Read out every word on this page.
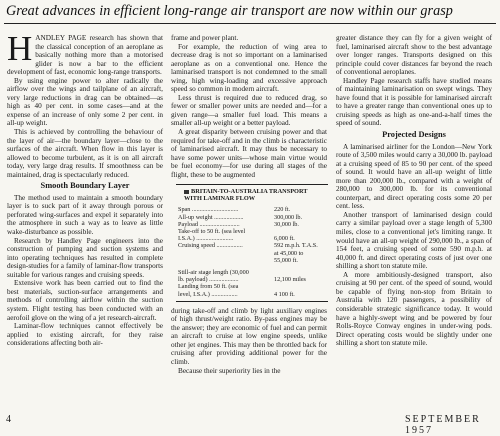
Great advances in efficient long-range air transport are now within our grasp

HANDLEY PAGE research has shown that the classical conception of an aeroplane as basically nothing more than a motorised glider is now a bar to the efficient development of fast, economic long-range transports.

By using engine power to alter radically the airflow over the wings and tailplane of an aircraft, very large reductions in drag can be obtained—as high as 40 per cent. in some cases—and at the expense of an increase of only some 2 per cent. in all-up weight.

This is achieved by controlling the behaviour of the layer of air—the boundary layer—close to the surfaces of the aircraft. When flow in this layer is allowed to become turbulent, as it is on all aircraft today, very large drag results. If smoothness can be maintained, drag is spectacularly reduced.

Smooth Boundary Layer

The method used to maintain a smooth boundary layer is to suck part of it away through porous or perforated wing-surfaces and expel it separately into the atmosphere in such a way as to leave as little wake-disturbance as possible.

Research by Handley Page engineers into the construction of pumping and suction systems and into operating techniques has resulted in complete design-studies for a family of laminar-flow transports suitable for various ranges and cruising speeds.

Extensive work has been carried out to find the best materials, suction-surface arrangements and methods of controlling airflow within the suction system. Flight testing has been conducted with an aerofoil glove on the wing of a jet research-aircraft.

Laminar-flow techniques cannot effectively be applied to existing aircraft, for they raise considerations affecting both air-

frame and power plant.

For example, the reduction of wing area to decrease drag is not so important on a laminarised aeroplane as on a conventional one. Hence the laminarised transport is not condemned to the small wing, high wing-loading and excessive approach speed so common in modern aircraft.

Less thrust is required due to reduced drag, so fewer or smaller power units are needed and—for a given range—a smaller fuel load. This means a smaller all-up weight or a better payload.

A great disparity between cruising power and that required for take-off and in the climb is characteristic of laminarised aircraft. It may thus be necessary to have some power units—whose main virtue would be fuel economy—for use during all stages of the flight, these to be augmented

BRITAIN-TO-AUSTRALIA TRANSPORT
WITH LAMINAR FLOW
Span ..............................	220 ft.
All-up weight ...................	300,000 lb.
Payload ..........................	30,000 lb.
Take-off to 50 ft. (sea level
I.S.A.) ........................	6,000 ft.
Cruising speed .................	592 m.p.h. T.A.S.
at 45,000 to
55,000 ft.
Still-air stage length (30,000
lb. payload) ...................	12,100 miles
Landing from 50 ft. (sea
level, I.S.A.) .................	4 100 ft.

during take-off and climb by light auxiliary engines of high thrust/weight ratio. By-pass engines may be the answer; they are economic of fuel and can permit an aircraft to cruise at low engine speeds, unlike other jet engines. This may then be throttled back for cruising after providing additional power for the climb.

Because their superiority lies in the

greater distance they can fly for a given weight of fuel, laminarised aircraft show to the best advantage over longer ranges. Transports designed on this principle could cover distances far beyond the reach of conventional aeroplanes.

Handley Page research staffs have studied means of maintaining laminarisation on swept wings. They have found that it is possible for laminarised aircraft to have a greater range than conventional ones up to cruising speeds as high as one-and-a-half times the speed of sound.

Projected Designs

A laminarised airliner for the London—New York route of 3,500 miles would carry a 30,000 lb. payload at a cruising speed of 85 to 90 per cent. of the speed of sound. It would have an all-up weight of little more than 200,000 lb., compared with a weight of 280,000 to 300,000 lb. for its conventional counterpart, and direct operating costs some 20 per cent. less.

Another transport of laminarised design could carry a similar payload over a stage length of 5,300 miles, close to a conventional jet's limiting range. It would have an all-up weight of 290,000 lb., a span of 154 feet, a cruising speed of some 590 m.p.h. at 40,000 ft. and direct operating costs of just over one shilling a short ton statute mile.

A more ambitiously-designed transport, also cruising at 90 per cent. of the speed of sound, would be capable of flying non-stop from Britain to Australia with 120 passengers, a possibility of considerable strategic significance today. It would have a highly-swept wing and be powered by four Rolls-Royce Conway engines in under-wing pods. Direct operating costs would be slightly under one shilling a short ton statute mile.

4	SEPTEMBER 1957
